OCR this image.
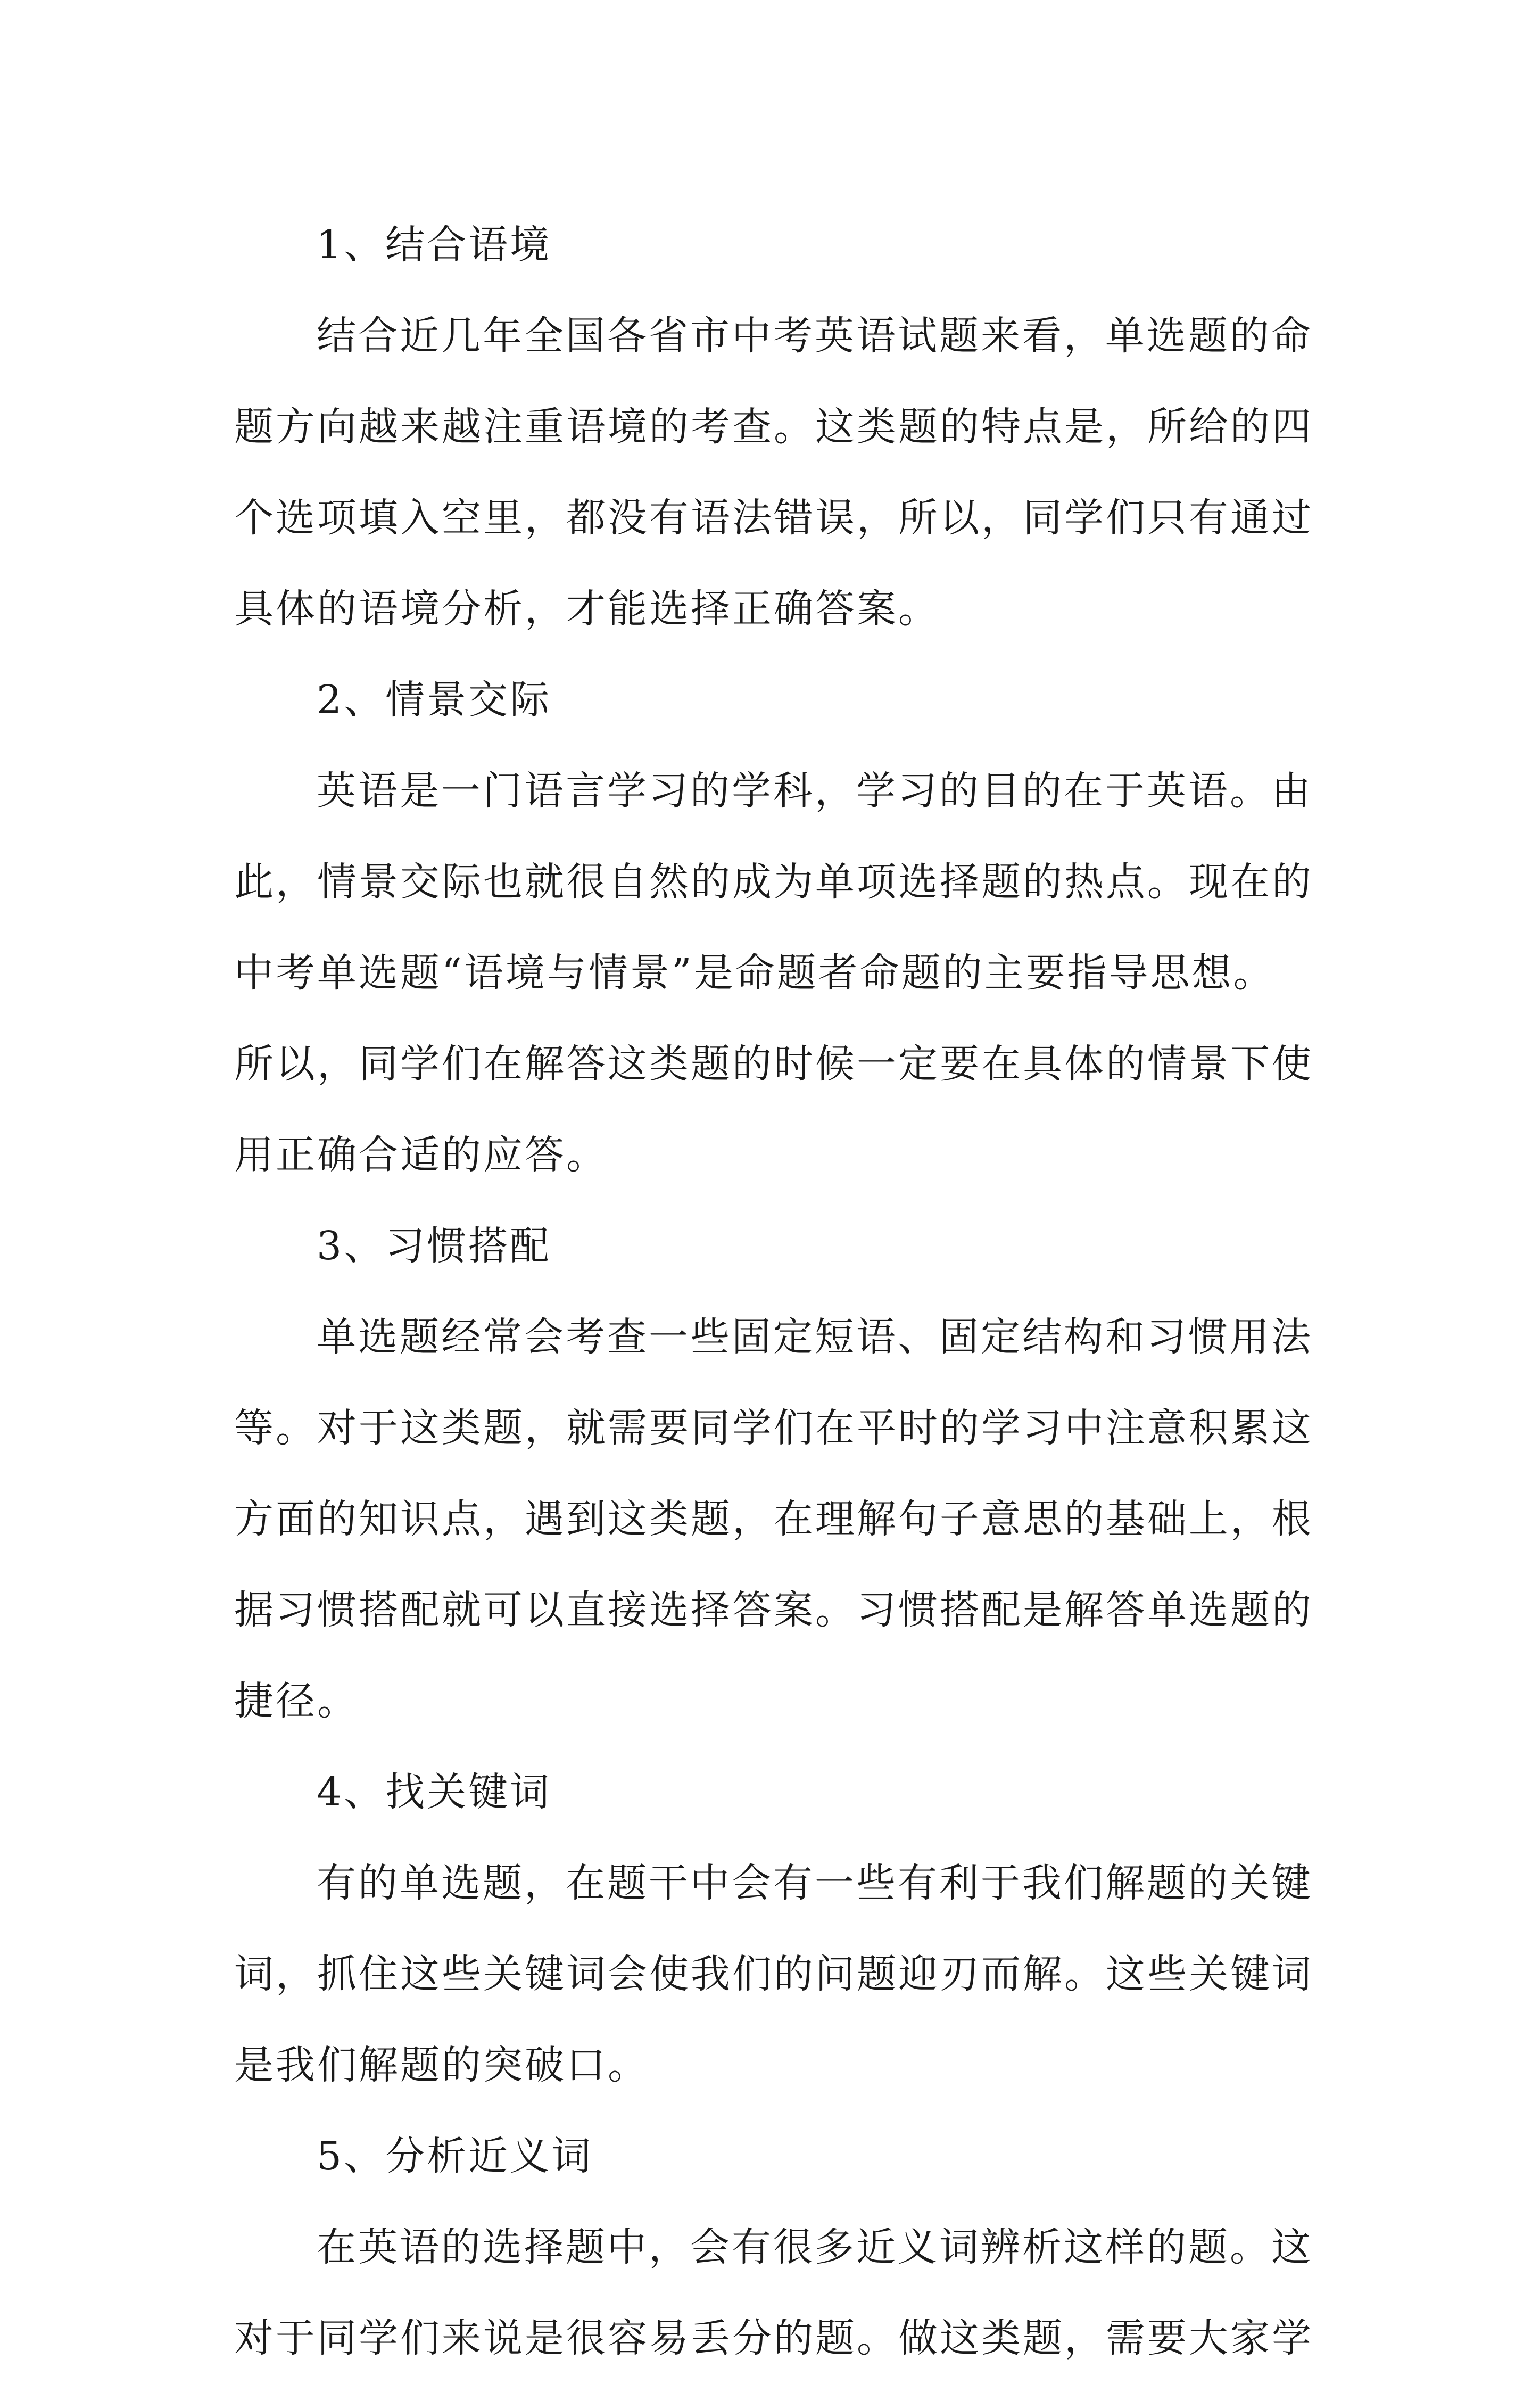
1、结合语境
结合近几年全国各省市中考英语试题来看，单选题的命
题方向越来越注重语境的考查。这类题的特点是，所给的四
个选项填入空里，都没有语法错误，所以，同学们只有通过
具体的语境分析，才能选择正确答案。
2、情景交际
英语是一门语言学习的学科，学习的目的在于英语。由
此，情景交际也就很自然的成为单项选择题的热点。现在的
中考单选题“语境与情景”是命题者命题的主要指导思想。
所以，同学们在解答这类题的时候一定要在具体的情景下使
用正确合适的应答。
3、习惯搭配
单选题经常会考查一些固定短语、固定结构和习惯用法
等。对于这类题，就需要同学们在平时的学习中注意积累这
方面的知识点，遇到这类题，在理解句子意思的基础上，根
据习惯搭配就可以直接选择答案。习惯搭配是解答单选题的
捷径。
4、找关键词
有的单选题，在题干中会有一些有利于我们解题的关键
词，抓住这些关键词会使我们的问题迎刃而解。这些关键词
是我们解题的突破口。
5、分析近义词
在英语的选择题中，会有很多近义词辨析这样的题。这
对于同学们来说是很容易丢分的题。做这类题，需要大家学
